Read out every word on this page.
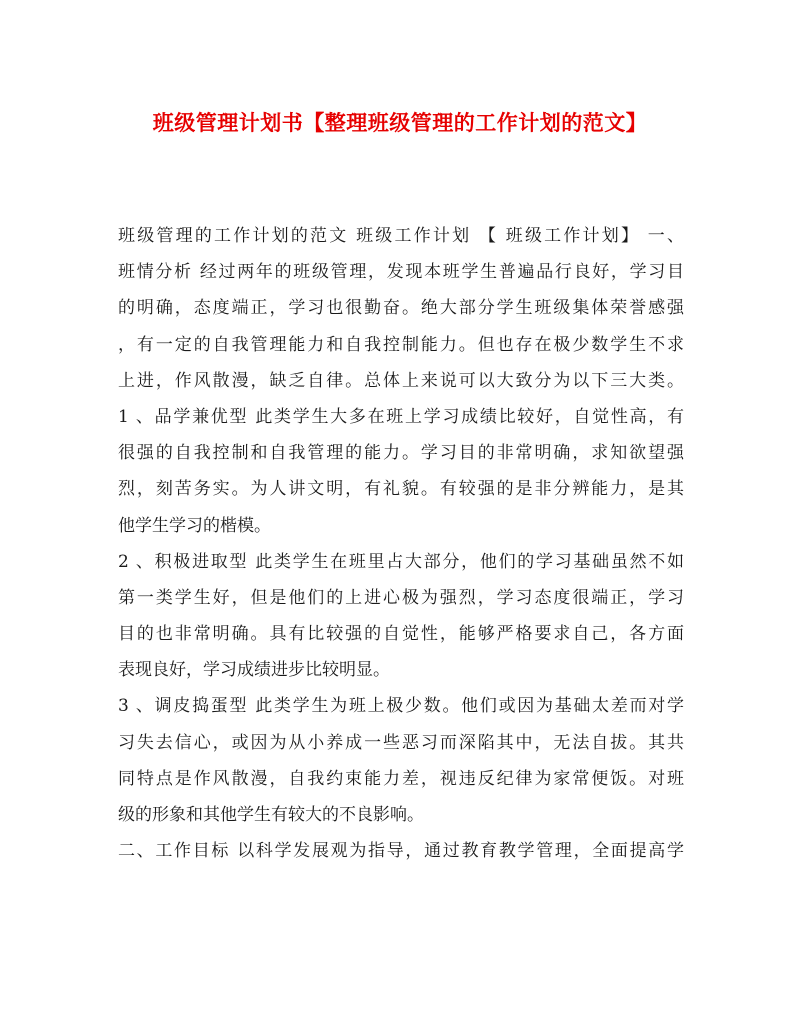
班级管理计划书【整理班级管理的工作计划的范文】
班级管理的工作计划的范文 班级工作计划 【 班级工作计划】 一、
班情分析 经过两年的班级管理，发现本班学生普遍品行良好，学习目
的明确，态度端正，学习也很勤奋。绝大部分学生班级集体荣誉感强
，有一定的自我管理能力和自我控制能力。但也存在极少数学生不求
上进，作风散漫，缺乏自律。总体上来说可以大致分为以下三大类。
1 、品学兼优型 此类学生大多在班上学习成绩比较好，自觉性高，有
很强的自我控制和自我管理的能力。学习目的非常明确，求知欲望强
烈，刻苦务实。为人讲文明，有礼貌。有较强的是非分辨能力，是其
他学生学习的楷模。
2 、积极进取型 此类学生在班里占大部分，他们的学习基础虽然不如
第一类学生好，但是他们的上进心极为强烈，学习态度很端正，学习
目的也非常明确。具有比较强的自觉性，能够严格要求自己，各方面
表现良好，学习成绩进步比较明显。
3 、调皮捣蛋型 此类学生为班上极少数。他们或因为基础太差而对学
习失去信心，或因为从小养成一些恶习而深陷其中，无法自拔。其共
同特点是作风散漫，自我约束能力差，视违反纪律为家常便饭。对班
级的形象和其他学生有较大的不良影响。
二、工作目标 以科学发展观为指导，通过教育教学管理，全面提高学
